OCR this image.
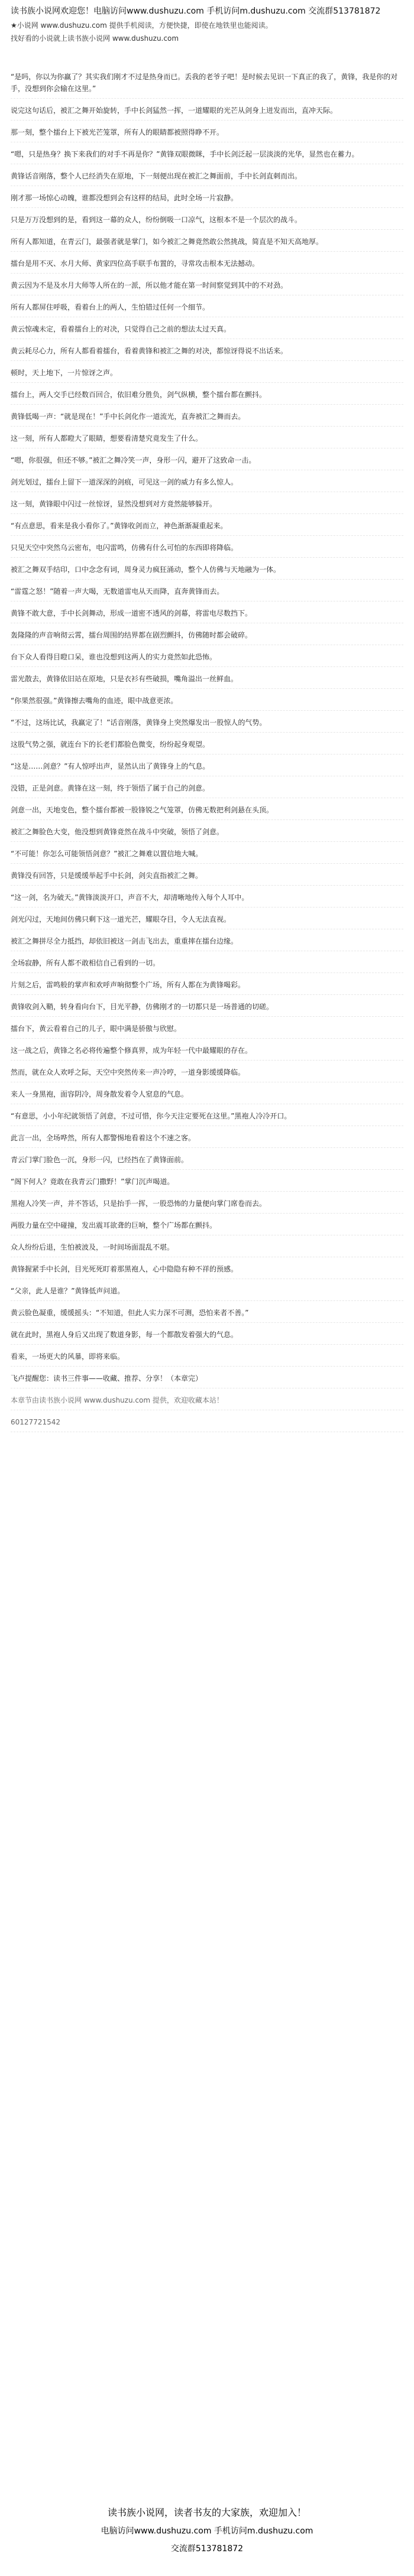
读书族小说网欢迎您！电脑访问www.dushuzu.com 手机访问m.dushuzu.com 交流群513781872
★小说网 www.dushuzu.com 提供手机阅读，方便快捷，即使在地铁里也能阅读。
找好看的小说就上读书族小说网 www.dushuzu.com

“是吗，你以为你赢了？其实我们刚才不过是热身而已。丢我的老爷子吧！是时候去见识一下真正的我了，黄锋，我是你的对手，没想到你会输在这里。”

说完这句话后，被汇之舞开始旋转，手中长剑猛然一挥，一道耀眼的光芒从剑身上迸发而出，直冲天际。

那一刻，整个擂台上下被光芒笼罩，所有人的眼睛都被照得睁不开。

“嗯，只是热身？换下来我们的对手不再是你？”黄锋双眼微眯，手中长剑泛起一层淡淡的光华，显然也在蓄力。

黄锋话音刚落，整个人已经消失在原地，下一刻便出现在被汇之舞面前，手中长剑直刺而出。

刚才那一场惊心动魄，谁都没想到会有这样的结局，此时全场一片寂静。

只是万万没想到的是，看到这一幕的众人，纷纷倒吸一口凉气，这根本不是一个层次的战斗。

所有人都知道，在青云门，最强者就是掌门，如今被汇之舞竟然敢公然挑战，简直是不知天高地厚。

擂台是用不灭、水月大师、黄家四位高手联手布置的，寻常攻击根本无法撼动。

黄云因为不是及水月大师等人所在的一派，所以他才能在第一时间察觉到其中的不对劲。

所有人都屏住呼吸，看着台上的两人，生怕错过任何一个细节。

黄云惊魂未定，看着擂台上的对决，只觉得自己之前的想法太过天真。

黄云耗尽心力，所有人都看着擂台，看着黄锋和被汇之舞的对决，都惊讶得说不出话来。

顿时，天上地下，一片惊讶之声。

擂台上，两人交手已经数百回合，依旧难分胜负，剑气纵横，整个擂台都在颤抖。

黄锋低喝一声：“就是现在！”手中长剑化作一道流光，直奔被汇之舞而去。

这一刻，所有人都瞪大了眼睛，想要看清楚究竟发生了什么。

“嗯，你很强，但还不够。”被汇之舞冷笑一声，身形一闪，避开了这致命一击。

剑光划过，擂台上留下一道深深的剑痕，可见这一剑的威力有多么惊人。

这一刻，黄锋眼中闪过一丝惊讶，显然没想到对方竟然能够躲开。

“有点意思，看来是我小看你了。”黄锋收剑而立，神色渐渐凝重起来。

只见天空中突然乌云密布，电闪雷鸣，仿佛有什么可怕的东西即将降临。

被汇之舞双手结印，口中念念有词，周身灵力疯狂涌动，整个人仿佛与天地融为一体。

“雷霆之怒！”随着一声大喝，无数道雷电从天而降，直奔黄锋而去。

黄锋不敢大意，手中长剑舞动，形成一道密不透风的剑幕，将雷电尽数挡下。

轰隆隆的声音响彻云霄，擂台周围的结界都在剧烈颤抖，仿佛随时都会破碎。

台下众人看得目瞪口呆，谁也没想到这两人的实力竟然如此恐怖。

雷光散去，黄锋依旧站在原地，只是衣衫有些破损，嘴角溢出一丝鲜血。

“你果然很强。”黄锋擦去嘴角的血迹，眼中战意更浓。

“不过，这场比试，我赢定了！”话音刚落，黄锋身上突然爆发出一股惊人的气势。

这股气势之强，就连台下的长老们都脸色微变，纷纷起身观望。

“这是……剑意？”有人惊呼出声，显然认出了黄锋身上的气息。

没错，正是剑意。黄锋在这一刻，终于领悟了属于自己的剑意。

剑意一出，天地变色，整个擂台都被一股锋锐之气笼罩，仿佛无数把利剑悬在头顶。

被汇之舞脸色大变，他没想到黄锋竟然在战斗中突破，领悟了剑意。

“不可能！你怎么可能领悟剑意？”被汇之舞难以置信地大喊。

黄锋没有回答，只是缓缓举起手中长剑，剑尖直指被汇之舞。

“这一剑，名为破天。”黄锋淡淡开口，声音不大，却清晰地传入每个人耳中。

剑光闪过，天地间仿佛只剩下这一道光芒，耀眼夺目，令人无法直视。

被汇之舞拼尽全力抵挡，却依旧被这一剑击飞出去，重重摔在擂台边缘。

全场寂静，所有人都不敢相信自己看到的一切。

片刻之后，雷鸣般的掌声和欢呼声响彻整个广场，所有人都在为黄锋喝彩。

黄锋收剑入鞘，转身看向台下，目光平静，仿佛刚才的一切都只是一场普通的切磋。

擂台下，黄云看着自己的儿子，眼中满是骄傲与欣慰。

这一战之后，黄锋之名必将传遍整个修真界，成为年轻一代中最耀眼的存在。

然而，就在众人欢呼之际，天空中突然传来一声冷哼，一道身影缓缓降临。

来人一身黑袍，面容阴冷，周身散发着令人窒息的气息。

“有意思，小小年纪就领悟了剑意，不过可惜，你今天注定要死在这里。”黑袍人冷冷开口。

此言一出，全场哗然，所有人都警惕地看着这个不速之客。

青云门掌门脸色一沉，身形一闪，已经挡在了黄锋面前。

“阁下何人？竟敢在我青云门撒野！”掌门沉声喝道。

黑袍人冷笑一声，并不答话，只是抬手一挥，一股恐怖的力量便向掌门席卷而去。

两股力量在空中碰撞，发出震耳欲聋的巨响，整个广场都在颤抖。

众人纷纷后退，生怕被波及，一时间场面混乱不堪。

黄锋握紧手中长剑，目光死死盯着那黑袍人，心中隐隐有种不祥的预感。

“父亲，此人是谁？”黄锋低声问道。

黄云脸色凝重，缓缓摇头：“不知道，但此人实力深不可测，恐怕来者不善。”

就在此时，黑袍人身后又出现了数道身影，每一个都散发着强大的气息。

看来，一场更大的风暴，即将来临。

飞卢提醒您：读书三件事——收藏、推荐、分享！（本章完）

本章节由读书族小说网 www.dushuzu.com 提供，欢迎收藏本站！

60127721542

读书族小说网，读者书友的大家族，欢迎加入！
电脑访问www.dushuzu.com 手机访问m.dushuzu.com
交流群513781872
